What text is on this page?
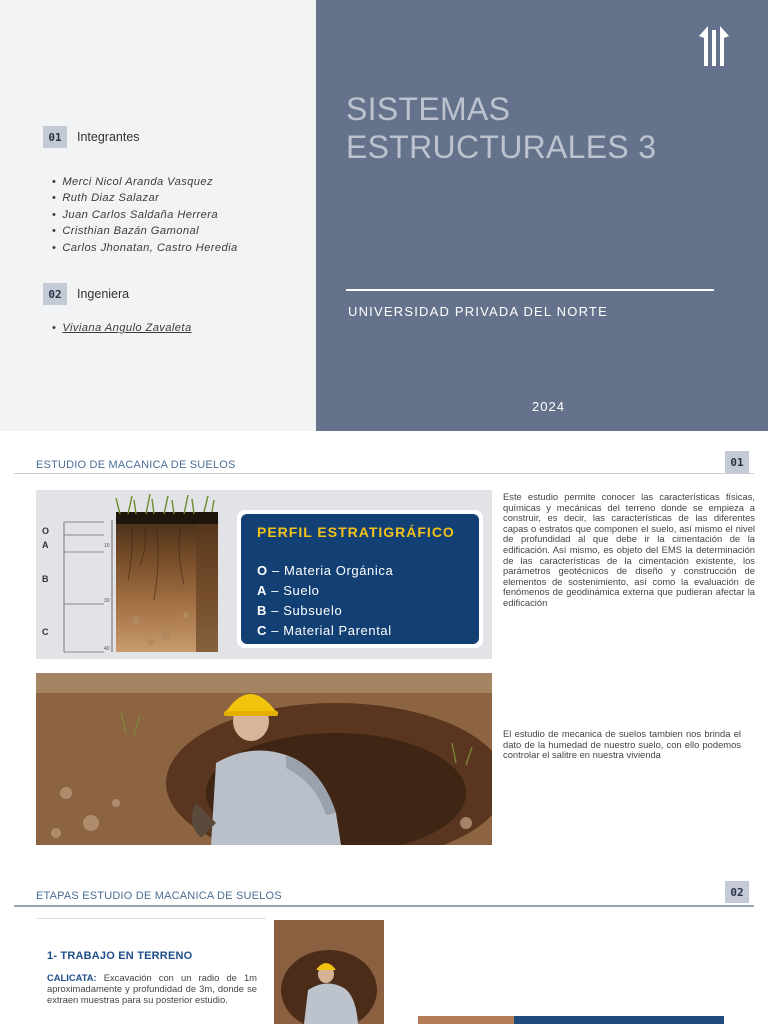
01	Integrantes
• Merci Nicol Aranda Vasquez
• Ruth Diaz Salazar
• Juan Carlos Saldaña Herrera
• Cristhian Bazán Gamonal
• Carlos Jhonatan, Castro Heredia
02	Ingeniera
• Viviana Angulo Zavaleta
SISTEMAS
ESTRUCTURALES 3
UNIVERSIDAD PRIVADA DEL NORTE
2024
ESTUDIO DE MACANICA DE SUELOS	01
O
A
B
C
10
30
40
PERFIL ESTRATIGRÁFICO
O – Materia Orgánica
A – Suelo
B – Subsuelo
C – Material Parental
Este estudio permite conocer las características físicas, químicas y mecánicas del terreno donde se empieza a construir, es decir, las características de las diferentes capas o estratos que componen el suelo, así mismo el nivel de profundidad al que debe ir la cimentación de la edificación. Así mismo, es objeto del EMS la determinación de las características de la cimentación existente, los parámetros geotécnicos de diseño y construcción de elementos de sostenimiento, así como la evaluación de fenómenos de geodinámica externa que pudieran afectar la edificación
El estudio de mecanica de suelos tambien nos brinda el dato de la humedad de nuestro suelo, con ello podemos controlar el salitre en nuestra vivienda
ETAPAS ESTUDIO DE MACANICA DE SUELOS	02
1- TRABAJO EN TERRENO
CALICATA: Excavación con un radio de 1m aproximadamente y profundidad de 3m, donde se extraen muestras para su posterior estudio.
